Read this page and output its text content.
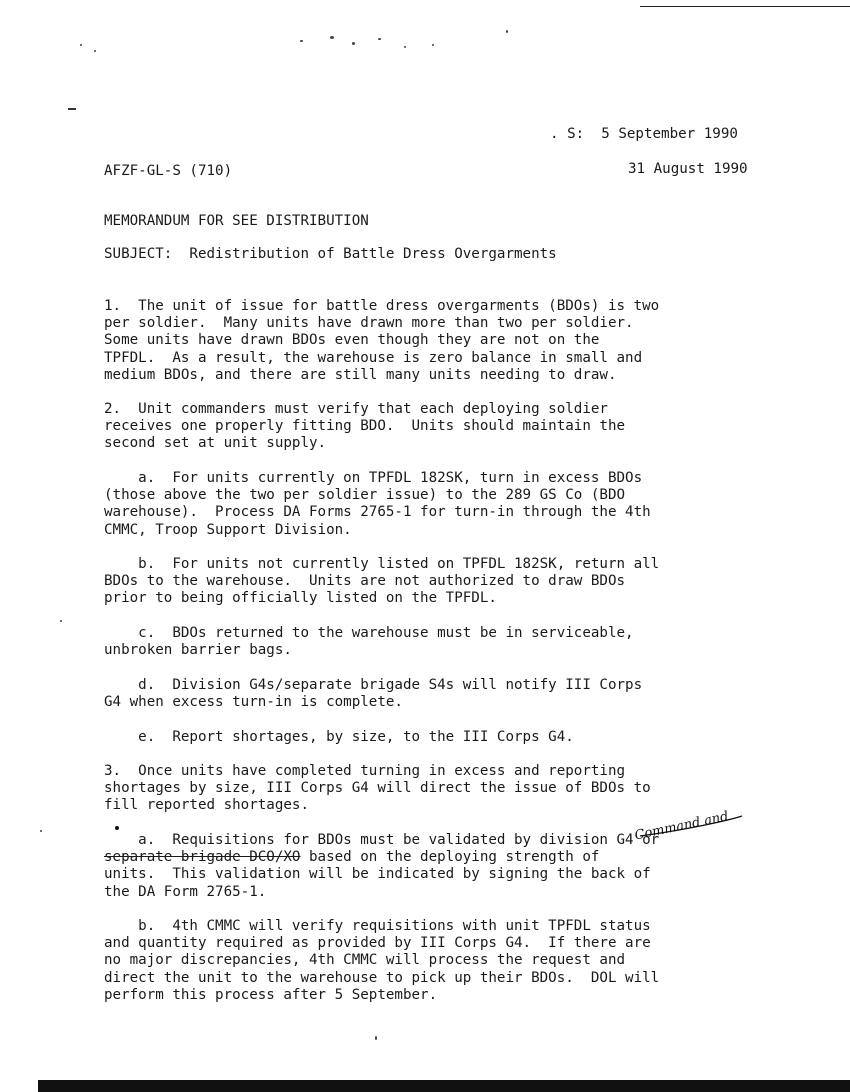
. S:  5 September 1990
AFZF-GL-S (710)	31 August 1990
MEMORANDUM FOR SEE DISTRIBUTION
SUBJECT:  Redistribution of Battle Dress Overgarments
1.  The unit of issue for battle dress overgarments (BDOs) is two
per soldier.  Many units have drawn more than two per soldier.
Some units have drawn BDOs even though they are not on the
TPFDL.  As a result, the warehouse is zero balance in small and
medium BDOs, and there are still many units needing to draw.
2.  Unit commanders must verify that each deploying soldier
receives one properly fitting BDO.  Units should maintain the
second set at unit supply.
a.  For units currently on TPFDL 182SK, turn in excess BDOs
(those above the two per soldier issue) to the 289 GS Co (BDO
warehouse).  Process DA Forms 2765-1 for turn-in through the 4th
CMMC, Troop Support Division.
b.  For units not currently listed on TPFDL 182SK, return all
BDOs to the warehouse.  Units are not authorized to draw BDOs
prior to being officially listed on the TPFDL.
c.  BDOs returned to the warehouse must be in serviceable,
unbroken barrier bags.
d.  Division G4s/separate brigade S4s will notify III Corps
G4 when excess turn-in is complete.
e.  Report shortages, by size, to the III Corps G4.
3.  Once units have completed turning in excess and reporting
shortages by size, III Corps G4 will direct the issue of BDOs to
fill reported shortages.
Command and
a.  Requisitions for BDOs must be validated by division G4 or
separate brigade DCO/XO based on the deploying strength of
units.  This validation will be indicated by signing the back of
the DA Form 2765-1.
b.  4th CMMC will verify requisitions with unit TPFDL status
and quantity required as provided by III Corps G4.  If there are
no major discrepancies, 4th CMMC will process the request and
direct the unit to the warehouse to pick up their BDOs.  DOL will
perform this process after 5 September.
